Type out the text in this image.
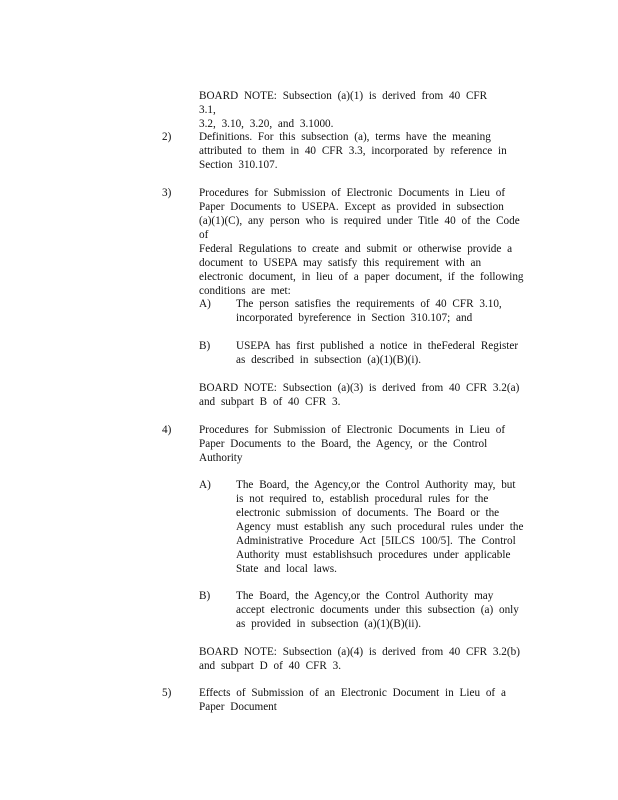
BOARD NOTE: Subsection (a)(1) is derived from 40 CFR 3.1,

3.2, 3.10, 3.20, and 3.1000.

2)	Definitions. For this subsection (a), terms have the meaning

attributed to them in 40 CFR 3.3, incorporated by reference in

Section 310.107.

3)	Procedures for Submission of Electronic Documents in Lieu of

Paper Documents to USEPA. Except as provided in subsection

(a)(1)(C), any person who is required under Title 40 of the Code of

Federal Regulations to create and submit or otherwise provide a

document to USEPA may satisfy this requirement with an

electronic document, in lieu of a paper document, if the following

conditions are met:

A)	The person satisfies the requirements of 40 CFR 3.10,

incorporated byreference in Section 310.107; and

B)	USEPA has first published a notice in theFederal Register

as described in subsection (a)(1)(B)(i).

BOARD NOTE: Subsection (a)(3) is derived from 40 CFR 3.2(a)

and subpart B of 40 CFR 3.

4)	Procedures for Submission of Electronic Documents in Lieu of

Paper Documents to the Board, the Agency, or the Control

Authority

A)	The Board, the Agency,or the Control Authority may, but

is not required to, establish procedural rules for the

electronic submission of documents. The Board or the

Agency must establish any such procedural rules under the

Administrative Procedure Act [5ILCS 100/5]. The Control

Authority must establishsuch procedures under applicable

State and local laws.

B)	The Board, the Agency,or the Control Authority may

accept electronic documents under this subsection (a) only

as provided in subsection (a)(1)(B)(ii).

BOARD NOTE: Subsection (a)(4) is derived from 40 CFR 3.2(b)

and subpart D of 40 CFR 3.

5)	Effects of Submission of an Electronic Document in Lieu of a

Paper Document
